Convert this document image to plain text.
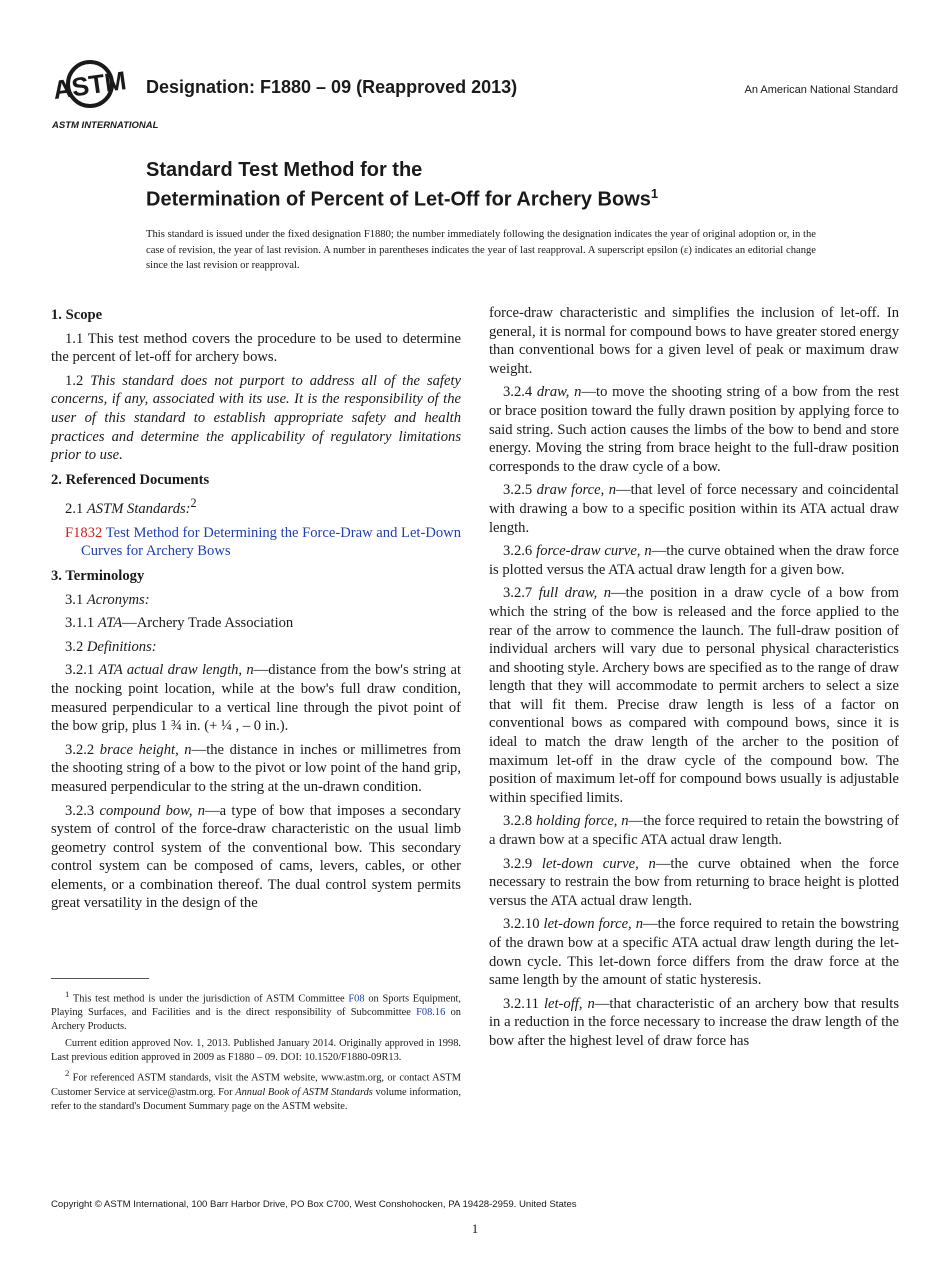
ASTM
ASTM INTERNATIONAL
Designation: F1880 – 09 (Reapproved 2013)	An American National Standard
Standard Test Method for the
Determination of Percent of Let-Off for Archery Bows$^1$
This standard is issued under the fixed designation F1880; the number immediately following the designation indicates the year of original adoption or, in the case of revision, the year of last revision. A number in parentheses indicates the year of last reapproval. A superscript epsilon (ε) indicates an editorial change since the last revision or reapproval.
1. Scope

1.1 This test method covers the procedure to be used to determine the percent of let-off for archery bows.

1.2 This standard does not purport to address all of the safety concerns, if any, associated with its use. It is the responsibility of the user of this standard to establish appropriate safety and health practices and determine the applicability of regulatory limitations prior to use.

2. Referenced Documents

2.1 ASTM Standards:$^2$

F1832 Test Method for Determining the Force-Draw and Let-Down Curves for Archery Bows

3. Terminology

3.1 Acronyms:

3.1.1 ATA—Archery Trade Association

3.2 Definitions:

3.2.1 ATA actual draw length, n—distance from the bow's string at the nocking point location, while at the bow's full draw condition, measured perpendicular to a vertical line through the pivot point of the bow grip, plus 1 ¾ in. (+ ¼ , – 0 in.).

3.2.2 brace height, n—the distance in inches or millimetres from the shooting string of a bow to the pivot or low point of the hand grip, measured perpendicular to the string at the un-drawn condition.

3.2.3 compound bow, n—a type of bow that imposes a secondary system of control of the force-draw characteristic on the usual limb geometry control system of the conventional bow. This secondary control system can be composed of cams, levers, cables, or other elements, or a combination thereof. The dual control system permits great versatility in the design of the

force-draw characteristic and simplifies the inclusion of let-off. In general, it is normal for compound bows to have greater stored energy than conventional bows for a given level of peak or maximum draw weight.

3.2.4 draw, n—to move the shooting string of a bow from the rest or brace position toward the fully drawn position by applying force to said string. Such action causes the limbs of the bow to bend and store energy. Moving the string from brace height to the full-draw position corresponds to the draw cycle of a bow.

3.2.5 draw force, n—that level of force necessary and coincidental with drawing a bow to a specific position within its ATA actual draw length.

3.2.6 force-draw curve, n—the curve obtained when the draw force is plotted versus the ATA actual draw length for a given bow.

3.2.7 full draw, n—the position in a draw cycle of a bow from which the string of the bow is released and the force applied to the rear of the arrow to commence the launch. The full-draw position of individual archers will vary due to personal physical characteristics and shooting style. Archery bows are specified as to the range of draw length that they will accommodate to permit archers to select a size that will fit them. Precise draw length is less of a factor on conventional bows as compared with compound bows, since it is ideal to match the draw length of the archer to the position of maximum let-off in the draw cycle of the compound bow. The position of maximum let-off for compound bows usually is adjustable within specified limits.

3.2.8 holding force, n—the force required to retain the bowstring of a drawn bow at a specific ATA actual draw length.

3.2.9 let-down curve, n—the curve obtained when the force necessary to restrain the bow from returning to brace height is plotted versus the ATA actual draw length.

3.2.10 let-down force, n—the force required to retain the bowstring of the drawn bow at a specific ATA actual draw length during the let-down cycle. This let-down force differs from the draw force at the same length by the amount of static hysteresis.

3.2.11 let-off, n—that characteristic of an archery bow that results in a reduction in the force necessary to increase the draw length of the bow after the highest level of draw force has

$^1$ This test method is under the jurisdiction of ASTM Committee F08 on Sports Equipment, Playing Surfaces, and Facilities and is the direct responsibility of Subcommittee F08.16 on Archery Products.

Current edition approved Nov. 1, 2013. Published January 2014. Originally approved in 1998. Last previous edition approved in 2009 as F1880 – 09. DOI: 10.1520/F1880-09R13.

$^2$ For referenced ASTM standards, visit the ASTM website, www.astm.org, or contact ASTM Customer Service at service@astm.org. For Annual Book of ASTM Standards volume information, refer to the standard's Document Summary page on the ASTM website.

Copyright © ASTM International, 100 Barr Harbor Drive, PO Box C700, West Conshohocken, PA 19428-2959. United States
1
